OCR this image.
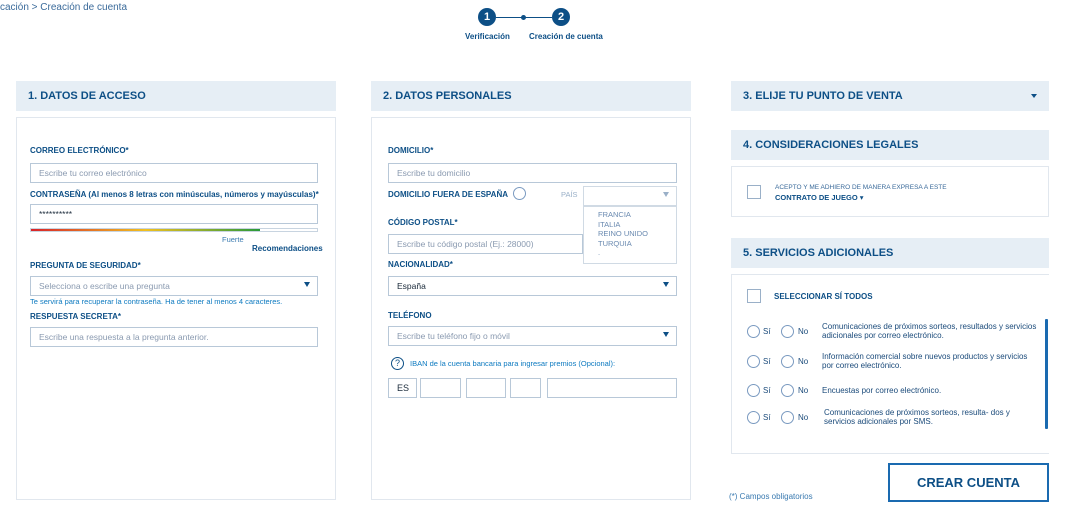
cación > Creación de cuenta
1	2
Verificación Creación de cuenta
1. DATOS DE ACCESO
CORREO ELECTRÓNICO*
Escribe tu correo electrónico
CONTRASEÑA (Al menos 8 letras con minúsculas, números y mayúsculas)*
**********
Fuerte
Recomendaciones
PREGUNTA DE SEGURIDAD*
Selecciona o escribe una pregunta
Te servirá para recuperar la contraseña. Ha de tener al menos 4 caracteres.
RESPUESTA SECRETA*
Escribe una respuesta a la pregunta anterior.
2. DATOS PERSONALES
DOMICILIO*
Escribe tu domicilio
DOMICILIO FUERA DE ESPAÑA	PAÍS
FRANCIA
ITALIA
REINO UNIDO
TURQUIA
.
CÓDIGO POSTAL*
Escribe tu código postal (Ej.: 28000)
NACIONALIDAD*
España
TELÉFONO
Escribe tu teléfono fijo o móvil
?	IBAN de la cuenta bancaria para ingresar premios (Opcional):
ES
3. ELIJE TU PUNTO DE VENTA
4. CONSIDERACIONES LEGALES
ACEPTO Y ME ADHIERO DE MANERA EXPRESA A ESTE
CONTRATO DE JUEGO ▾
5. SERVICIOS ADICIONALES
SELECCIONAR SÍ TODOS
Sí	No
Comunicaciones de próximos sorteos, resultados y servicios adicionales por correo electrónico.
Sí	No
Información comercial sobre nuevos productos y servicios por correo electrónico.
Sí	No Encuestas por correo electrónico.
Sí	No
Comunicaciones de próximos sorteos, resulta- dos y servicios adicionales por SMS.
(*) Campos obligatorios
CREAR CUENTA
